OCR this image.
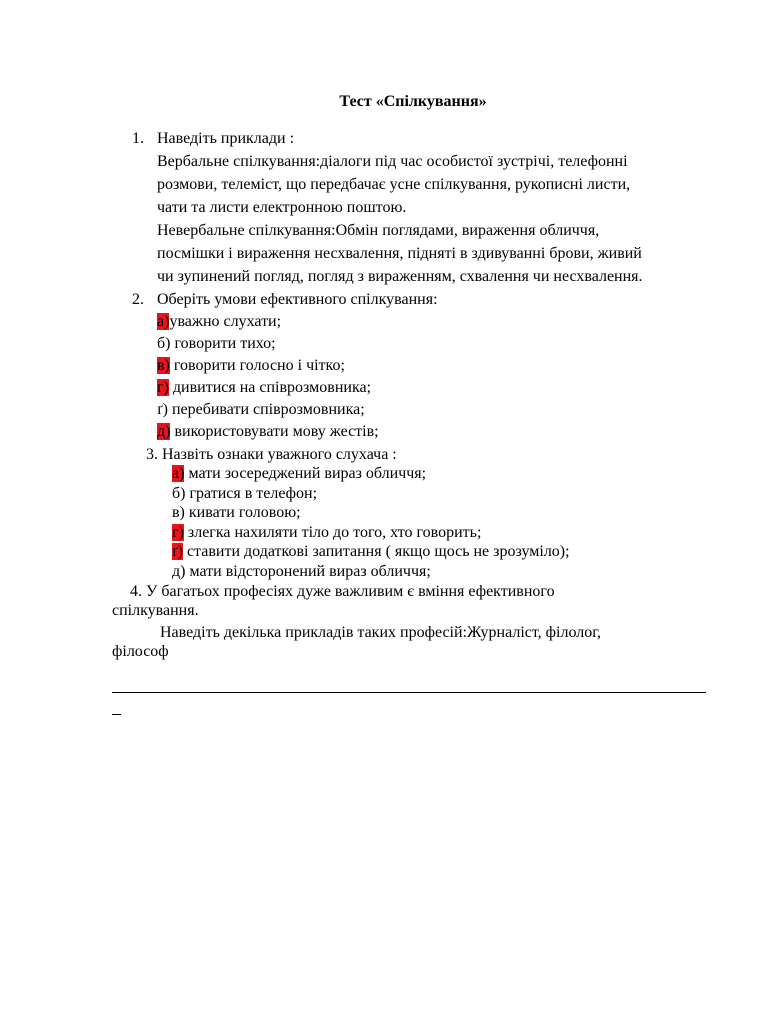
Тест «Спілкування»
1. Наведіть приклади :
Вербальне спілкування:діалоги під час особистої зустрічі, телефонні
розмови, телеміст, що передбачає усне спілкування, рукописні листи,
чати та листи електронною поштою.
Невербальне спілкування:Обмін поглядами, вираження обличчя,
посмішки і вираження несхвалення, підняті в здивуванні брови, живий
чи зупинений погляд, погляд з вираженням, схвалення чи несхвалення.
2. Оберіть умови ефективного спілкування:
а)уважно слухати;
б) говорити тихо;
в) говорити голосно і чітко;
г) дивитися на співрозмовника;
ґ) перебивати співрозмовника;
д) використовувати мову жестів;
3. Назвіть ознаки уважного слухача :
а) мати зосереджений вираз обличчя;
б) гратися в телефон;
в) кивати головою;
г) злегка нахиляти тіло до того, хто говорить;
ґ) ставити додаткові запитання ( якщо щось не зрозуміло);
д) мати відсторонений вираз обличчя;
4. У багатьох професіях дуже важливим є вміння ефективного
спілкування.
Наведіть декілька прикладів таких професій:Журналіст, філолог,
філософ
